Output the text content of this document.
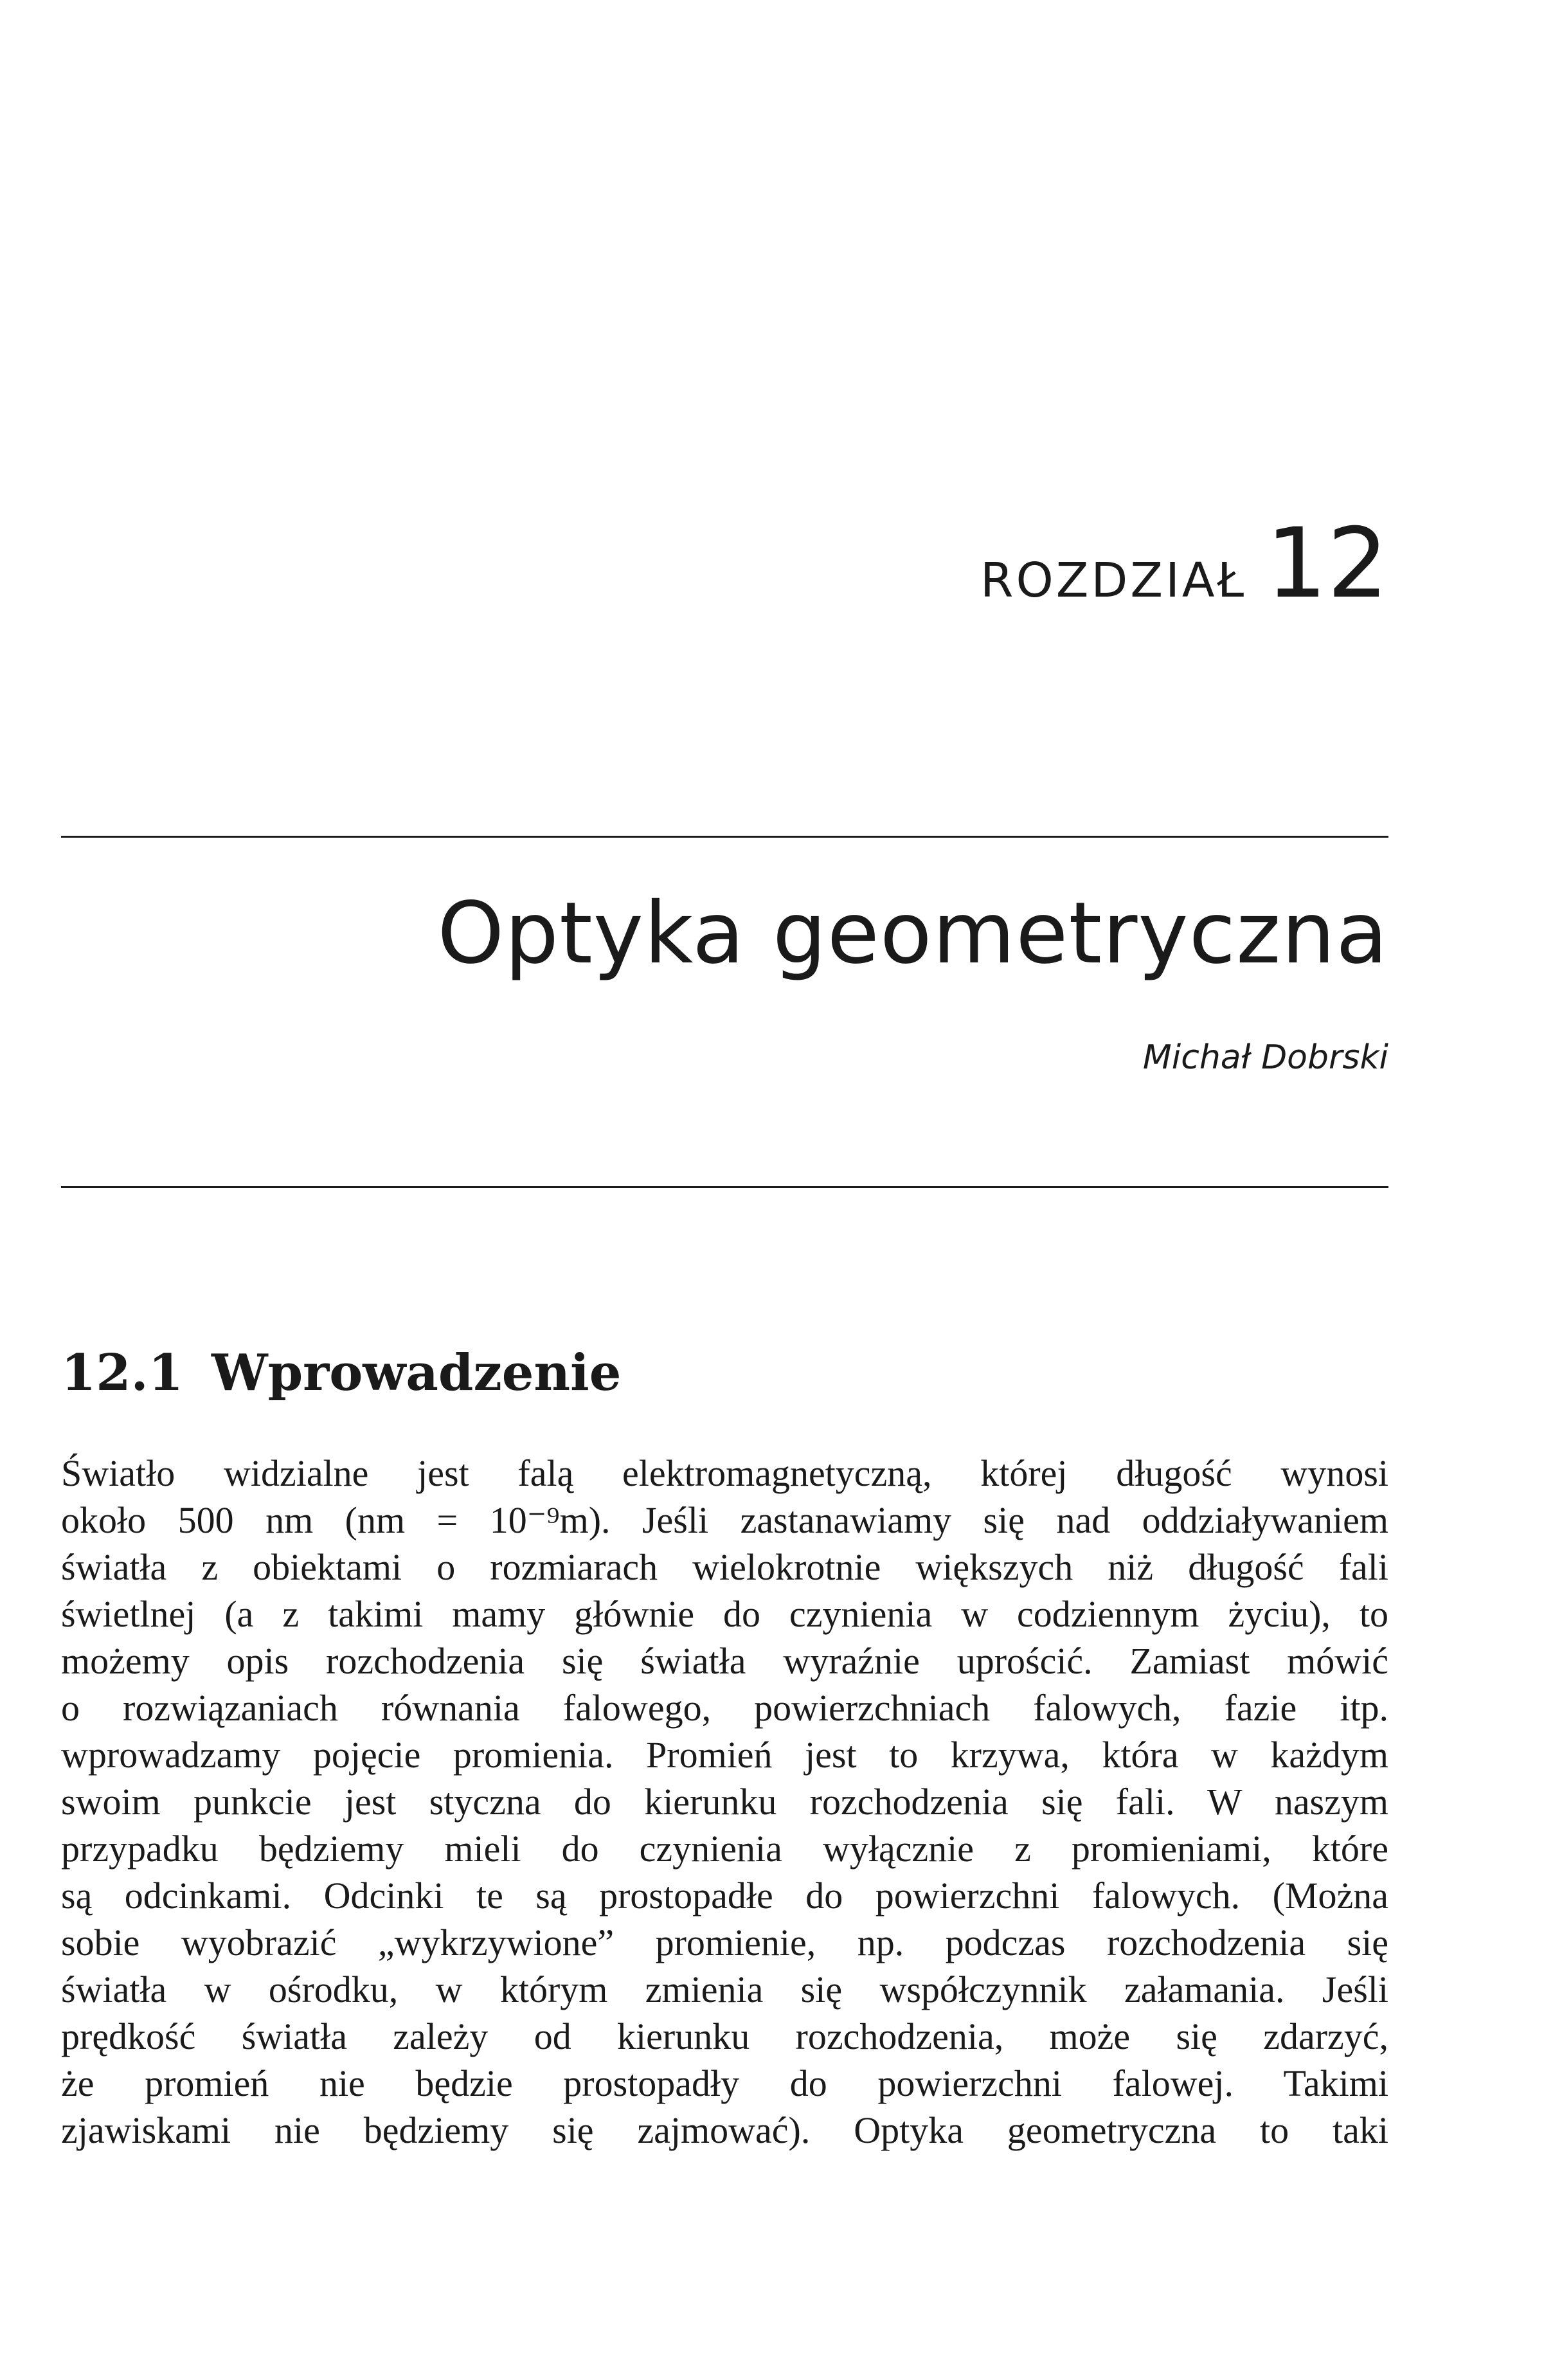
ROZDZIAŁ 12
Optyka geometryczna
Michał Dobrski
12.1 Wprowadzenie

Światło widzialne jest falą elektromagnetyczną, której długość wynosi

około 500 nm (nm = 10⁻⁹m). Jeśli zastanawiamy się nad oddziaływaniem

światła z obiektami o rozmiarach wielokrotnie większych niż długość fali

świetlnej (a z takimi mamy głównie do czynienia w codziennym życiu), to

możemy opis rozchodzenia się światła wyraźnie uprościć. Zamiast mówić

o rozwiązaniach równania falowego, powierzchniach falowych, fazie itp.

wprowadzamy pojęcie promienia. Promień jest to krzywa, która w każdym

swoim punkcie jest styczna do kierunku rozchodzenia się fali. W naszym

przypadku będziemy mieli do czynienia wyłącznie z promieniami, które

są odcinkami. Odcinki te są prostopadłe do powierzchni falowych. (Można

sobie wyobrazić „wykrzywione” promienie, np. podczas rozchodzenia się

światła w ośrodku, w którym zmienia się współczynnik załamania. Jeśli

prędkość światła zależy od kierunku rozchodzenia, może się zdarzyć,

że promień nie będzie prostopadły do powierzchni falowej. Takimi

zjawiskami nie będziemy się zajmować). Optyka geometryczna to taki
